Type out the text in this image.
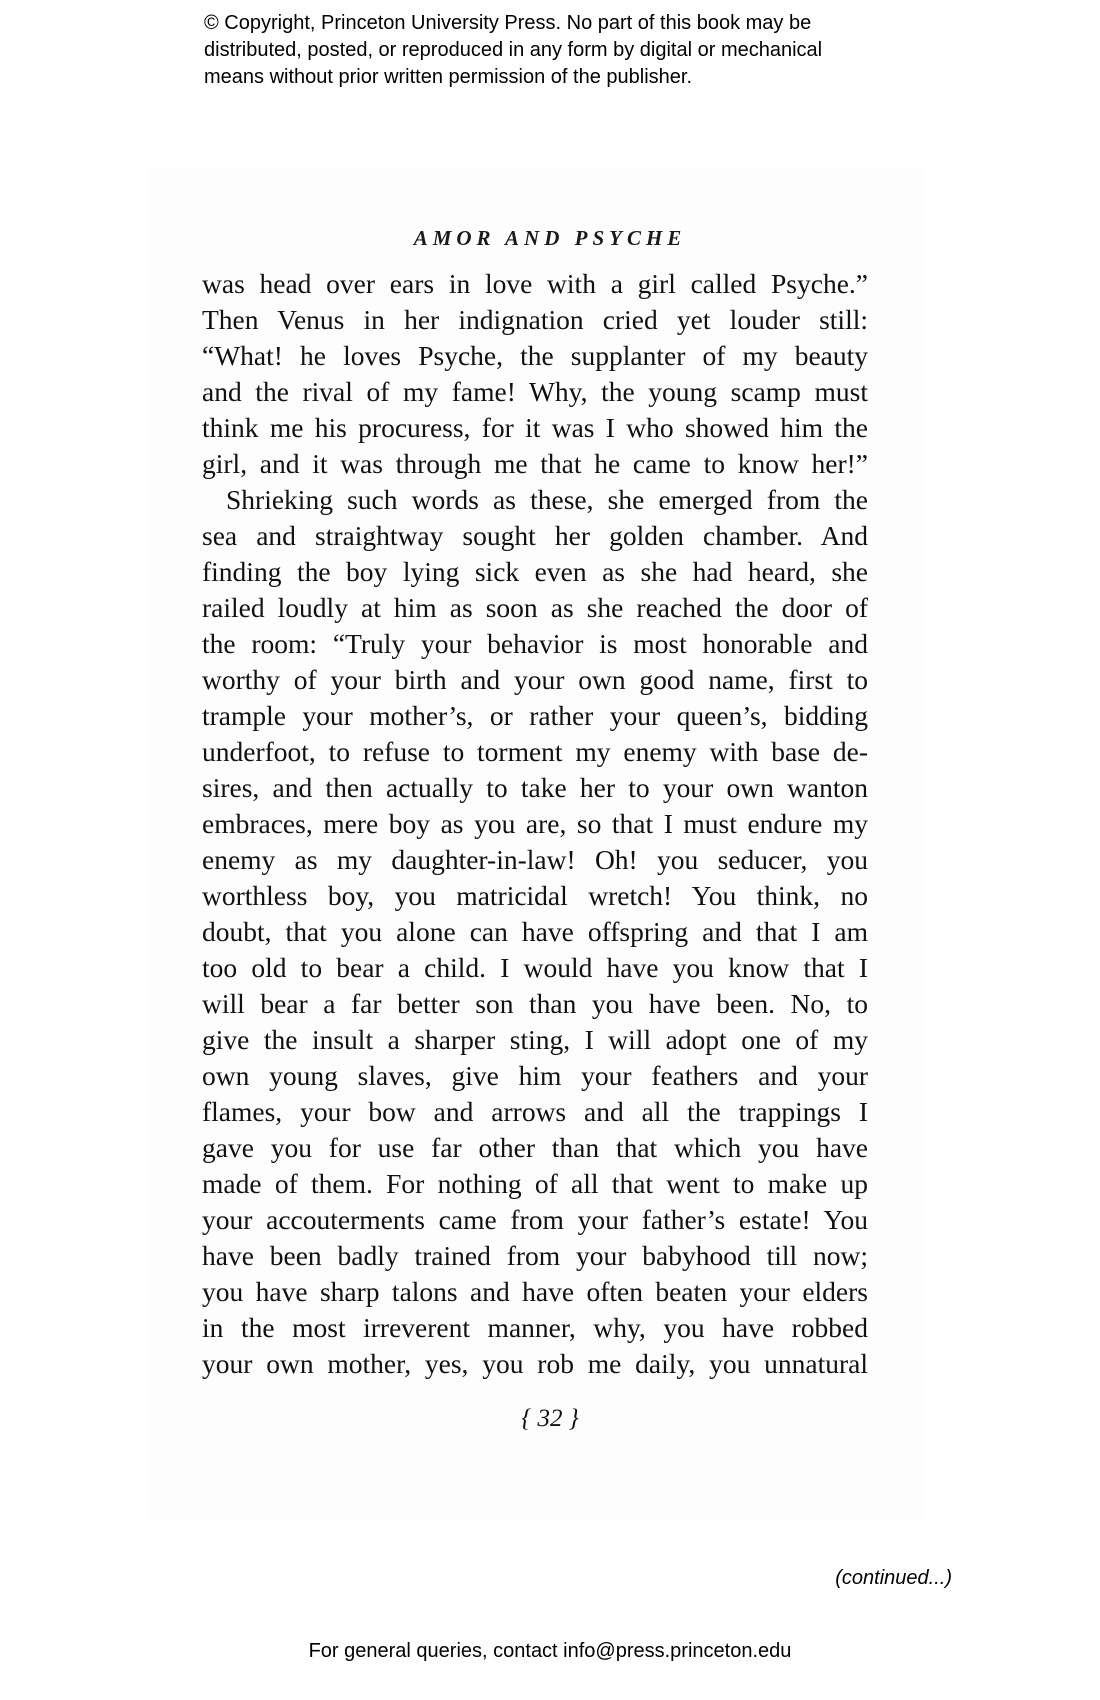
© Copyright, Princeton University Press. No part of this book may be
distributed, posted, or reproduced in any form by digital or mechanical
means without prior written permission of the publisher.
AMOR AND PSYCHE
was head over ears in love with a girl called Psyche.”
Then Venus in her indignation cried yet louder still:
“What! he loves Psyche, the supplanter of my beauty
and the rival of my fame! Why, the young scamp must
think me his procuress, for it was I who showed him the
girl, and it was through me that he came to know her!”
Shrieking such words as these, she emerged from the
sea and straightway sought her golden chamber. And
finding the boy lying sick even as she had heard, she
railed loudly at him as soon as she reached the door of
the room: “Truly your behavior is most honorable and
worthy of your birth and your own good name, first to
trample your mother’s, or rather your queen’s, bidding
underfoot, to refuse to torment my enemy with base de-
sires, and then actually to take her to your own wanton
embraces, mere boy as you are, so that I must endure my
enemy as my daughter-in-law! Oh! you seducer, you
worthless boy, you matricidal wretch! You think, no
doubt, that you alone can have offspring and that I am
too old to bear a child. I would have you know that I
will bear a far better son than you have been. No, to
give the insult a sharper sting, I will adopt one of my
own young slaves, give him your feathers and your
flames, your bow and arrows and all the trappings I
gave you for use far other than that which you have
made of them. For nothing of all that went to make up
your accouterments came from your father’s estate! You
have been badly trained from your babyhood till now;
you have sharp talons and have often beaten your elders
in the most irreverent manner, why, you have robbed
your own mother, yes, you rob me daily, you unnatural
{ 32 }
(continued...)
For general queries, contact info@press.princeton.edu
